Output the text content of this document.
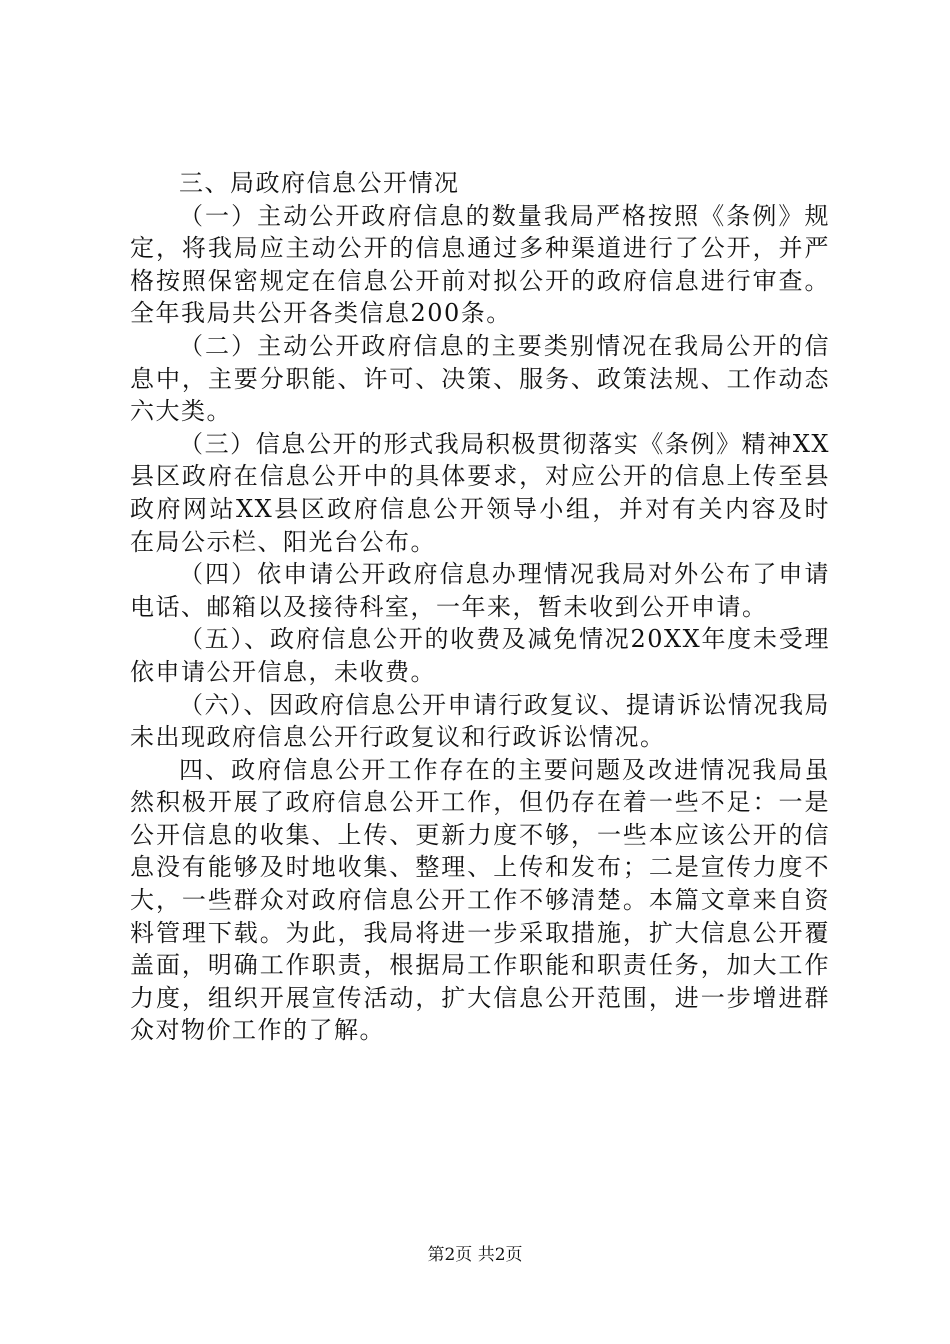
三、局政府信息公开情况

（一）主动公开政府信息的数量我局严格按照《条例》规定，将我局应主动公开的信息通过多种渠道进行了公开，并严格按照保密规定在信息公开前对拟公开的政府信息进行审查。全年我局共公开各类信息200条。

（二）主动公开政府信息的主要类别情况在我局公开的信息中，主要分职能、许可、决策、服务、政策法规、工作动态六大类。

（三）信息公开的形式我局积极贯彻落实《条例》精神XX县区政府在信息公开中的具体要求，对应公开的信息上传至县政府网站XX县区政府信息公开领导小组，并对有关内容及时在局公示栏、阳光台公布。

（四）依申请公开政府信息办理情况我局对外公布了申请电话、邮箱以及接待科室，一年来，暂未收到公开申请。

（五）、政府信息公开的收费及减免情况20XX年度未受理依申请公开信息，未收费。

（六）、因政府信息公开申请行政复议、提请诉讼情况我局未出现政府信息公开行政复议和行政诉讼情况。

四、政府信息公开工作存在的主要问题及改进情况我局虽然积极开展了政府信息公开工作，但仍存在着一些不足：一是公开信息的收集、上传、更新力度不够，一些本应该公开的信息没有能够及时地收集、整理、上传和发布；二是宣传力度不大，一些群众对政府信息公开工作不够清楚。本篇文章来自资料管理下载。为此，我局将进一步采取措施，扩大信息公开覆盖面，明确工作职责，根据局工作职能和职责任务，加大工作力度，组织开展宣传活动，扩大信息公开范围，进一步增进群众对物价工作的了解。

第2页 共2页
